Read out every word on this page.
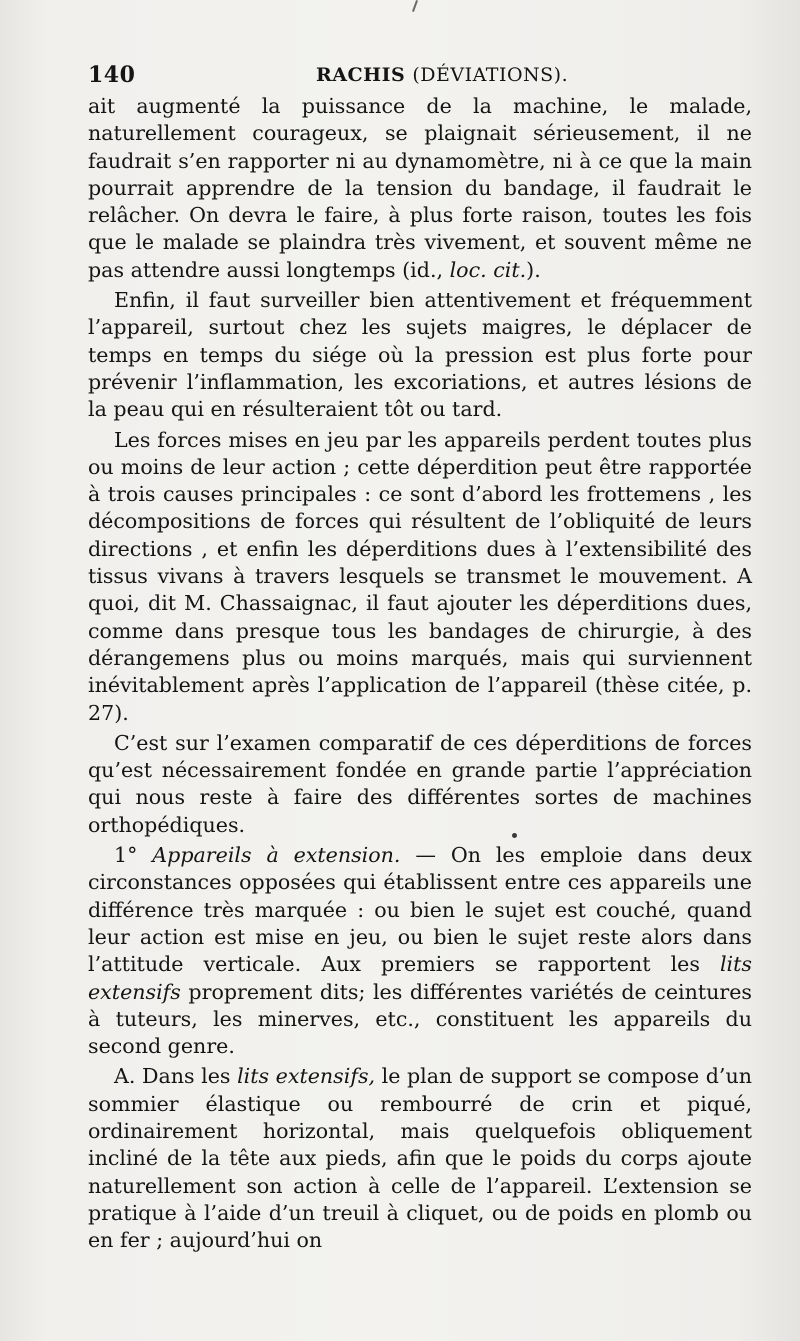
140	RACHIS (DÉVIATIONS).

ait augmenté la puissance de la machine, le malade, naturellement courageux, se plaignait sérieusement, il ne faudrait s’en rapporter ni au dynamomètre, ni à ce que la main pourrait apprendre de la tension du bandage, il faudrait le relâcher. On devra le faire, à plus forte raison, toutes les fois que le malade se plaindra très vivement, et souvent même ne pas attendre aussi longtemps (id., loc. cit.).

Enfin, il faut surveiller bien attentivement et fréquemment l’appareil, surtout chez les sujets maigres, le déplacer de temps en temps du siége où la pression est plus forte pour prévenir l’inflammation, les excoriations, et autres lésions de la peau qui en résulteraient tôt ou tard.

Les forces mises en jeu par les appareils perdent toutes plus ou moins de leur action ; cette déperdition peut être rapportée à trois causes principales : ce sont d’abord les frottemens , les décompositions de forces qui résultent de l’obliquité de leurs directions , et enfin les déperditions dues à l’extensibilité des tissus vivans à travers lesquels se transmet le mouvement. A quoi, dit M. Chassaignac, il faut ajouter les déperditions dues, comme dans presque tous les bandages de chirurgie, à des dérangemens plus ou moins marqués, mais qui surviennent inévitablement après l’application de l’appareil (thèse citée, p. 27).

C’est sur l’examen comparatif de ces déperditions de forces qu’est nécessairement fondée en grande partie l’appréciation qui nous reste à faire des différentes sortes de machines orthopédiques.

1° Appareils à extension. — On les emploie dans deux circonstances opposées qui établissent entre ces appareils une différence très marquée : ou bien le sujet est couché, quand leur action est mise en jeu, ou bien le sujet reste alors dans l’attitude verticale. Aux premiers se rapportent les lits extensifs proprement dits; les différentes variétés de ceintures à tuteurs, les minerves, etc., constituent les appareils du second genre.

A. Dans les lits extensifs, le plan de support se compose d’un sommier élastique ou rembourré de crin et piqué, ordinairement horizontal, mais quelquefois obliquement incliné de la tête aux pieds, afin que le poids du corps ajoute naturellement son action à celle de l’appareil. L’extension se pratique à l’aide d’un treuil à cliquet, ou de poids en plomb ou en fer ; aujourd’hui on
